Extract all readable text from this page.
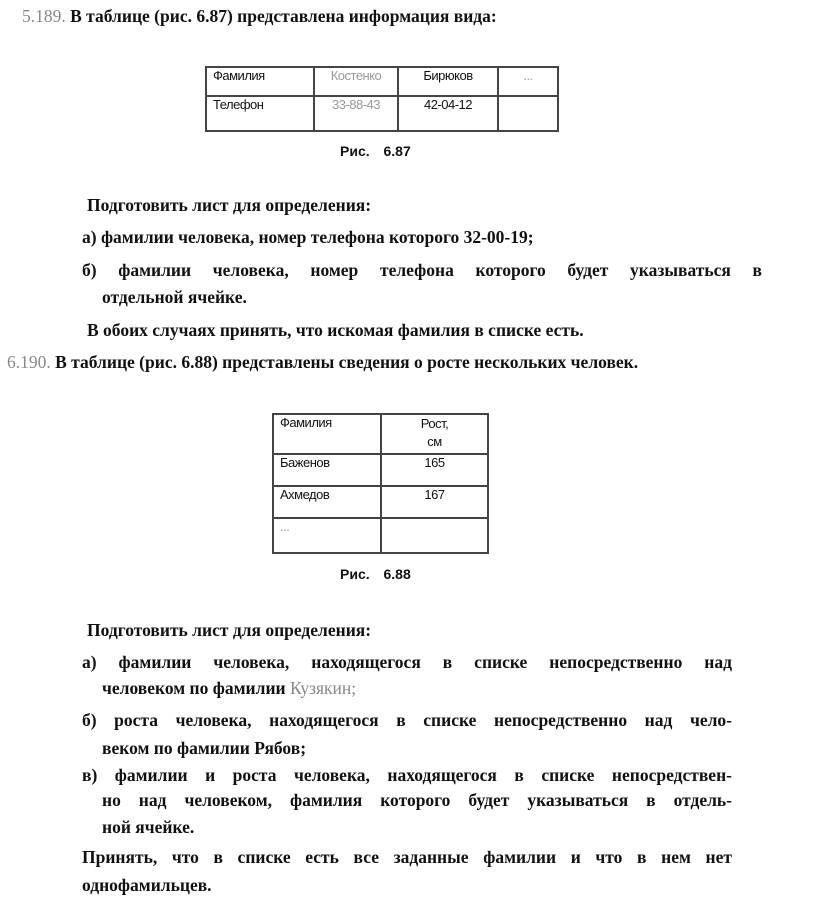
5.189. В таблице (рис. 6.87) представлена информация вида:
Фамилия	Костенко	Бирюков	...
Телефон	33-88-43	42-04-12	
Рис. 6.87
Подготовить лист для определения:
а) фамилии человека, номер телефона которого 32-00-19;
б) фамилии человека, номер телефона которого будет указываться в
отдельной ячейке.
В обоих случаях принять, что искомая фамилия в списке есть.
6.190. В таблице (рис. 6.88) представлены сведения о росте нескольких человек.
Фамилия	Рост,
см
Баженов	165
Ахмедов	167
...	
Рис. 6.88
Подготовить лист для определения:
а) фамилии человека, находящегося в списке непосредственно над
человеком по фамилии Кузякин;
б) роста человека, находящегося в списке непосредственно над чело-
веком по фамилии Рябов;
в) фамилии и роста человека, находящегося в списке непосредствен-
но над человеком, фамилия которого будет указываться в отдель-
ной ячейке.
Принять, что в списке есть все заданные фамилии и что в нем нет
однофамильцев.
